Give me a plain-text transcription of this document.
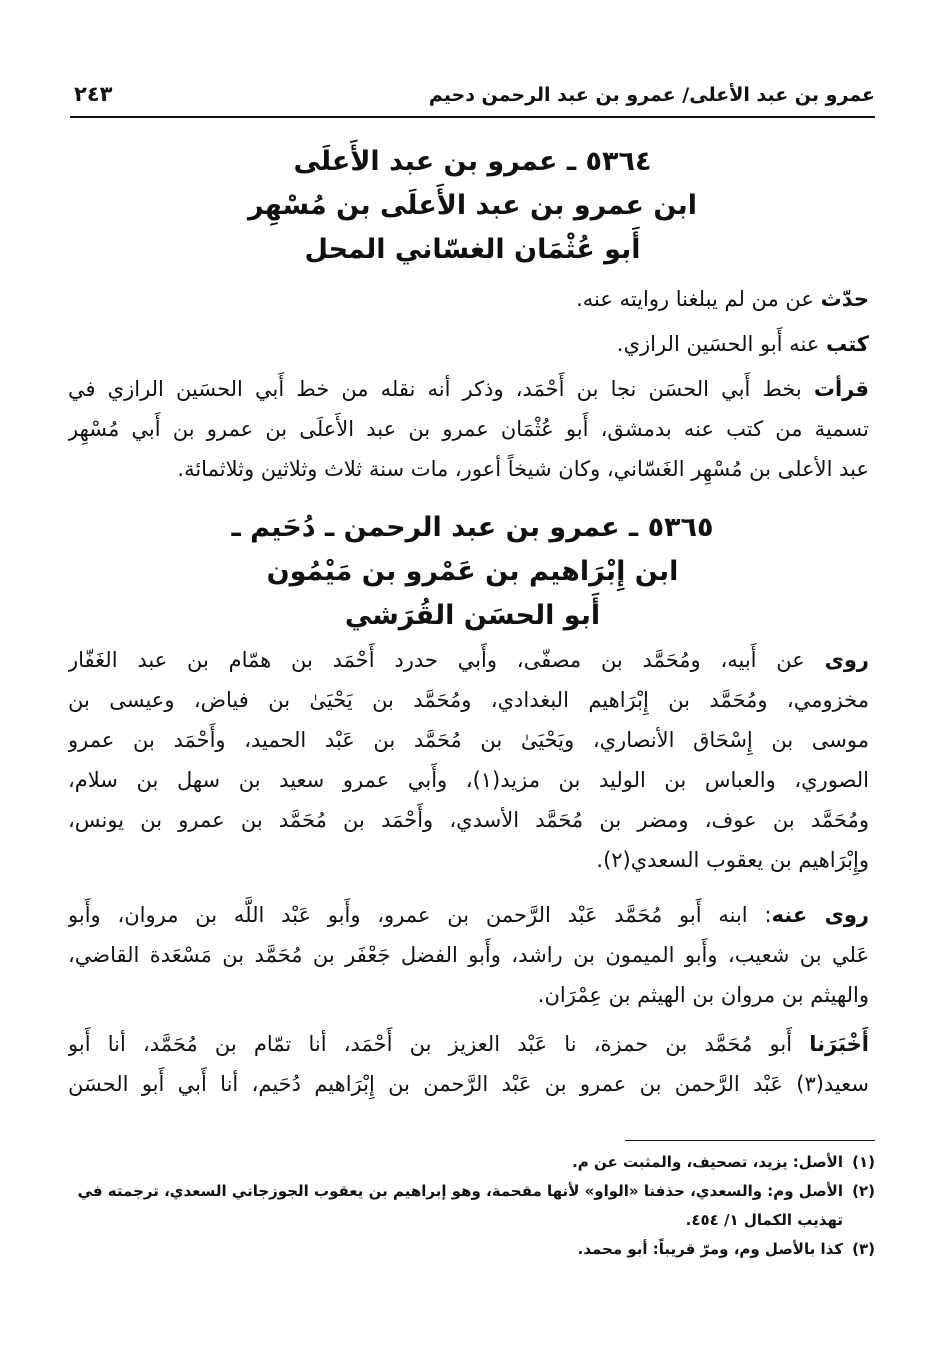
عمرو بن عبد الأعلى/ عمرو بن عبد الرحمن دحيم
٢٤٣
٥٣٦٤ ـ عمرو بن عبد الأَعلَى
ابن عمرو بن عبد الأَعلَى بن مُسْهِر
أَبو عُثْمَان الغسّاني المحل
حدّث عن من لم يبلغنا روايته عنه.
كتب عنه أَبو الحسَين الرازي.
قرأت بخط أَبي الحسَن نجا بن أَحْمَد، وذكر أنه نقله من خط أَبي الحسَين الرازي في
تسمية من كتب عنه بدمشق، أَبو عُثْمَان عمرو بن عبد الأَعلَى بن عمرو بن أَبي مُسْهِر
عبد الأعلى بن مُسْهِر الغَسّاني، وكان شيخاً أعور، مات سنة ثلاث وثلاثين وثلاثمائة.
٥٣٦٥ ـ عمرو بن عبد الرحمن ـ دُحَيم ـ
ابن إِبْرَاهيم بن عَمْرو بن مَيْمُون
أَبو الحسَن القُرَشي
روى عن أَبيه، ومُحَمَّد بن مصفّى، وأَبي حدرد أَحْمَد بن همّام بن عبد الغَفّار
مخزومي، ومُحَمَّد بن إِبْرَاهيم البغدادي، ومُحَمَّد بن يَحْيَىٰ بن فياض، وعيسى بن
موسى بن إِسْحَاق الأنصاري، ويَحْيَىٰ بن مُحَمَّد بن عَبْد الحميد، وأَحْمَد بن عمرو
الصوري، والعباس بن الوليد بن مزيد(١)، وأَبي عمرو سعيد بن سهل بن سلام،
ومُحَمَّد بن عوف، ومضر بن مُحَمَّد الأسدي، وأَحْمَد بن مُحَمَّد بن عمرو بن يونس،
وإِبْرَاهيم بن يعقوب السعدي(٢).
روى عنه: ابنه أَبو مُحَمَّد عَبْد الرَّحمن بن عمرو، وأَبو عَبْد اللَّه بن مروان، وأَبو
عَلي بن شعيب، وأَبو الميمون بن راشد، وأَبو الفضل جَعْفَر بن مُحَمَّد بن مَسْعَدة القاضي،
والهيثم بن مروان بن الهيثم بن عِمْرَان.
أَخْبَرَنا أَبو مُحَمَّد بن حمزة، نا عَبْد العزيز بن أَحْمَد، أنا تمّام بن مُحَمَّد، أنا أَبو
سعيد(٣) عَبْد الرَّحمن بن عمرو بن عَبْد الرَّحمن بن إِبْرَاهيم دُحَيم، أنا أَبي أَبو الحسَن
(١)
الأصل: يزيد، تصحيف، والمثبت عن م.
(٢)
الأصل وم: والسعدي، حذفنا «الواو» لأنها مقحمة، وهو إبراهيم بن يعقوب الجوزجاني السعدي، ترجمته في تهذيب الكمال ١/ ٤٥٤.
(٣)
كذا بالأصل وم، ومرّ قريباً: أبو محمد.
